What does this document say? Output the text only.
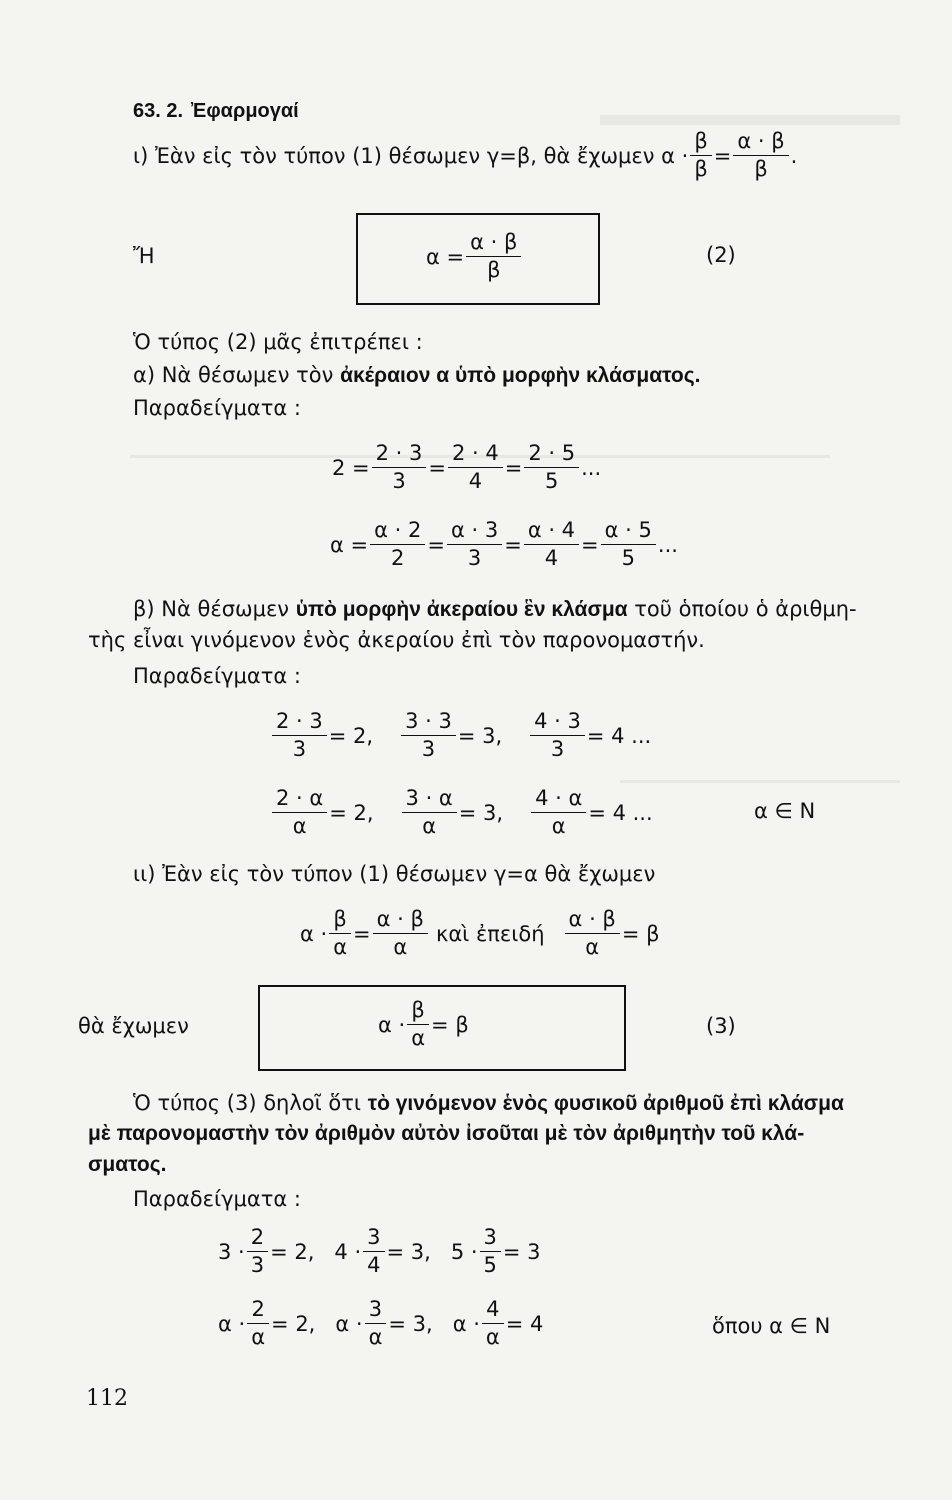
63. 2. Ἐφαρμογαί
ι) Ἐὰν εἰς τὸν τύπον (1) θέσωμεν γ=β, θὰ ἔχωμεν $\alpha \cdot \frac{\beta}{\beta} = \frac{\alpha \cdot \beta}{\beta}$ .
Ἤ	$\alpha = \frac{\alpha \cdot \beta}{\beta}$	(2)
Ὁ τύπος (2) μᾶς ἐπιτρέπει :
α) Νὰ θέσωμεν τὸν ἀκέραιον α ὑπὸ μορφὴν κλάσματος.
Παραδείγματα :
$2 = \frac{2 \cdot 3}{3} = \frac{2 \cdot 4}{4} = \frac{2 \cdot 5}{5}$ ...
$\alpha = \frac{\alpha \cdot 2}{2} = \frac{\alpha \cdot 3}{3} = \frac{\alpha \cdot 4}{4} = \frac{\alpha \cdot 5}{5}$ ...
β) Νὰ θέσωμεν ὑπὸ μορφὴν ἀκεραίου ἓν κλάσμα τοῦ ὁποίου ὁ ἀριθμη-
τὴς εἶναι γινόμενον ἑνὸς ἀκεραίου ἐπὶ τὸν παρονομαστήν.
Παραδείγματα :
$\frac{2 \cdot 3}{3} = 2$, $\frac{3 \cdot 3}{3} = 3$, $\frac{4 \cdot 3}{3} = 4$ ...
$\frac{2 \cdot \alpha}{\alpha} = 2$, $\frac{3 \cdot \alpha}{\alpha} = 3$, $\frac{4 \cdot \alpha}{\alpha} = 4$ ...	α ∈ N
ιι) Ἐὰν εἰς τὸν τύπον (1) θέσωμεν γ=α θὰ ἔχωμεν
$\alpha \cdot \frac{\beta}{\alpha} = \frac{\alpha \cdot \beta}{\alpha}$ καὶ ἐπειδή $\frac{\alpha \cdot \beta}{\alpha} = \beta$
θὰ ἔχωμεν	$\alpha \cdot \frac{\beta}{\alpha} = \beta$	(3)
Ὁ τύπος (3) δηλοῖ ὅτι τὸ γινόμενον ἑνὸς φυσικοῦ ἀριθμοῦ ἐπὶ κλάσμα
μὲ παρονομαστὴν τὸν ἀριθμὸν αὐτὸν ἰσοῦται μὲ τὸν ἀριθμητὴν τοῦ κλά-
σματος.
Παραδείγματα :
$3 \cdot \frac{2}{3} = 2$, $4 \cdot \frac{3}{4} = 3$, $5 \cdot \frac{3}{5} = 3$
$\alpha \cdot \frac{2}{\alpha} = 2$, $\alpha \cdot \frac{3}{\alpha} = 3$, $\alpha \cdot \frac{4}{\alpha} = 4$	ὅπου α ∈ N
112
